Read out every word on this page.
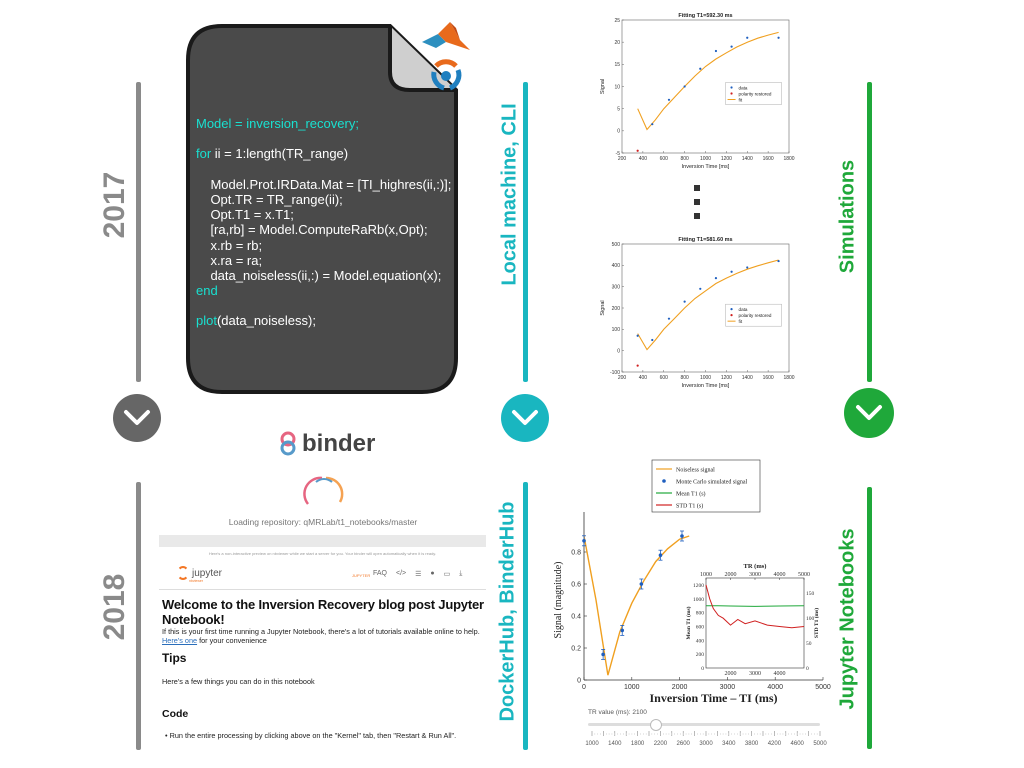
2017
2018
Model = inversion_recovery;
for ii = 1:length(TR_range)
Model.Prot.IRData.Mat = [TI_highres(ii,:)];
Opt.TR = TR_range(ii);
Opt.T1 = x.T1;
[ra,rb] = Model.ComputeRaRb(x,Opt);
x.rb = rb;
x.ra = ra;
data_noiseless(ii,:) = Model.equation(x);
end
plot(data_noiseless);
binder
Loading repository: qMRLab/t1_notebooks/master
Here's a non-interactive preview on nbviewer while we start a server for you. Your binder will open automatically when it is ready.
jupyter
nbviewer
JUPYTER FAQ </> ☰ ● ▭ ⤓
Welcome to the Inversion Recovery blog post Jupyter Notebook!
If this is your first time running a Jupyter Notebook, there's a lot of tutorials available online to help. Here's one for your convenience
Tips
Here's a few things you can do in this notebook
Code
• Run the entire processing by clicking above on the "Kernel" tab, then "Restart & Run All".
Local machine, CLI
DockerHub, BinderHub
Fitting T1=592.30 ms
200	400	600	800 1000 1200 1400 1600 1800
-5
0
5
10
15
20
25
Inversion Time [ms]
Signal	data
polarity restored
fit
Fitting T1=581.60 ms
200	400	600	800 1000 1200 1400 1600 1800
-100
0
100
200
300
400
500
Inversion Time [ms]
Signal	data
polarity restored
fit
0	1000	2000	3000	4000	5000
0
0.2
0.4
0.6
0.8
Inversion Time – TI (ms)
Signal (magnitude)
Noiseless signal
Monte Carlo simulated signal
Mean T1 (s)
STD T1 (s)
1000 2000 3000 4000 5000
TR (ms)
2000 3000 4000
0
200
400
600
800
1000
1200
0
50
100
150
Mean T1 (ms)	STD T1 (ms)
TR value (ms): 2100
1000 1400 1800 2200 2600 3000 3400 3800 4200 4600 5000
Simulations
Jupyter Notebooks
